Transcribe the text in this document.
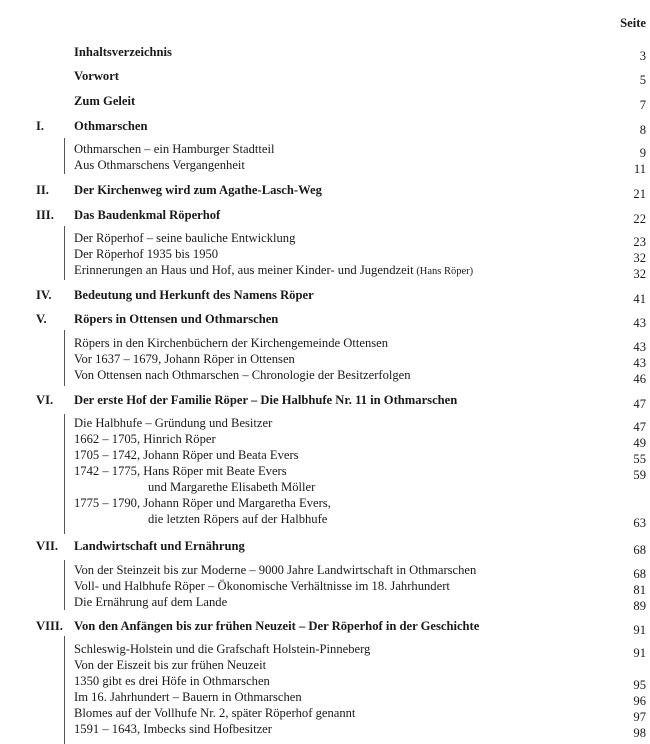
Seite
Inhaltsverzeichnis	3
Vorwort	5
Zum Geleit	7
I. Othmarschen	8
Othmarschen – ein Hamburger Stadtteil	9
Aus Othmarschens Vergangenheit	11
II. Der Kirchenweg wird zum Agathe-Lasch-Weg	21
III. Das Baudenkmal Röperhof	22
Der Röperhof – seine bauliche Entwicklung	23
Der Röperhof 1935 bis 1950	32
Erinnerungen an Haus und Hof, aus meiner Kinder- und Jugendzeit (Hans Röper)	32
IV. Bedeutung und Herkunft des Namens Röper	41
V. Röpers in Ottensen und Othmarschen	43
Röpers in den Kirchenbüchern der Kirchengemeinde Ottensen	43
Vor 1637 – 1679, Johann Röper in Ottensen	43
Von Ottensen nach Othmarschen – Chronologie der Besitzerfolgen	46
VI. Der erste Hof der Familie Röper – Die Halbhufe Nr. 11 in Othmarschen	47
Die Halbhufe – Gründung und Besitzer	47
1662 – 1705, Hinrich Röper	49
1705 – 1742, Johann Röper und Beata Evers	55
1742 – 1775, Hans Röper mit Beate Evers	59
und Margarethe Elisabeth Möller
1775 – 1790, Johann Röper und Margaretha Evers,
die letzten Röpers auf der Halbhufe	63
VII. Landwirtschaft und Ernährung	68
Von der Steinzeit bis zur Moderne – 9000 Jahre Landwirtschaft in Othmarschen	68
Voll- und Halbhufe Röper – Ökonomische Verhältnisse im 18. Jahrhundert	81
Die Ernährung auf dem Lande	89
VIII. Von den Anfängen bis zur frühen Neuzeit – Der Röperhof in der Geschichte	91
Schleswig-Holstein und die Grafschaft Holstein-Pinneberg	91
Von der Eiszeit bis zur frühen Neuzeit
1350 gibt es drei Höfe in Othmarschen	95
Im 16. Jahrhundert – Bauern in Othmarschen	96
Blomes auf der Vollhufe Nr. 2, später Röperhof genannt	97
1591 – 1643, Imbecks sind Hofbesitzer	98
